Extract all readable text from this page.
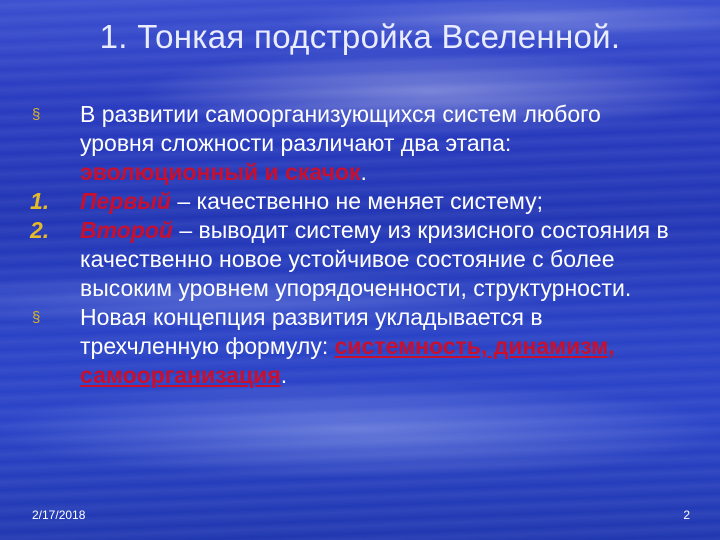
1. Тонкая подстройка Вселенной.
§	В развитии самоорганизующихся систем любого уровня сложности различают два этапа: эволюционный и скачок.
1.	Первый – качественно не меняет систему;
2.	Второй – выводит систему из кризисного состояния в качественно новое устойчивое состояние с более высоким уровнем упорядоченности, структурности.
§	Новая концепция развития укладывается в трехчленную формулу: системность, динамизм, самоорганизация.
2/17/2018	2
